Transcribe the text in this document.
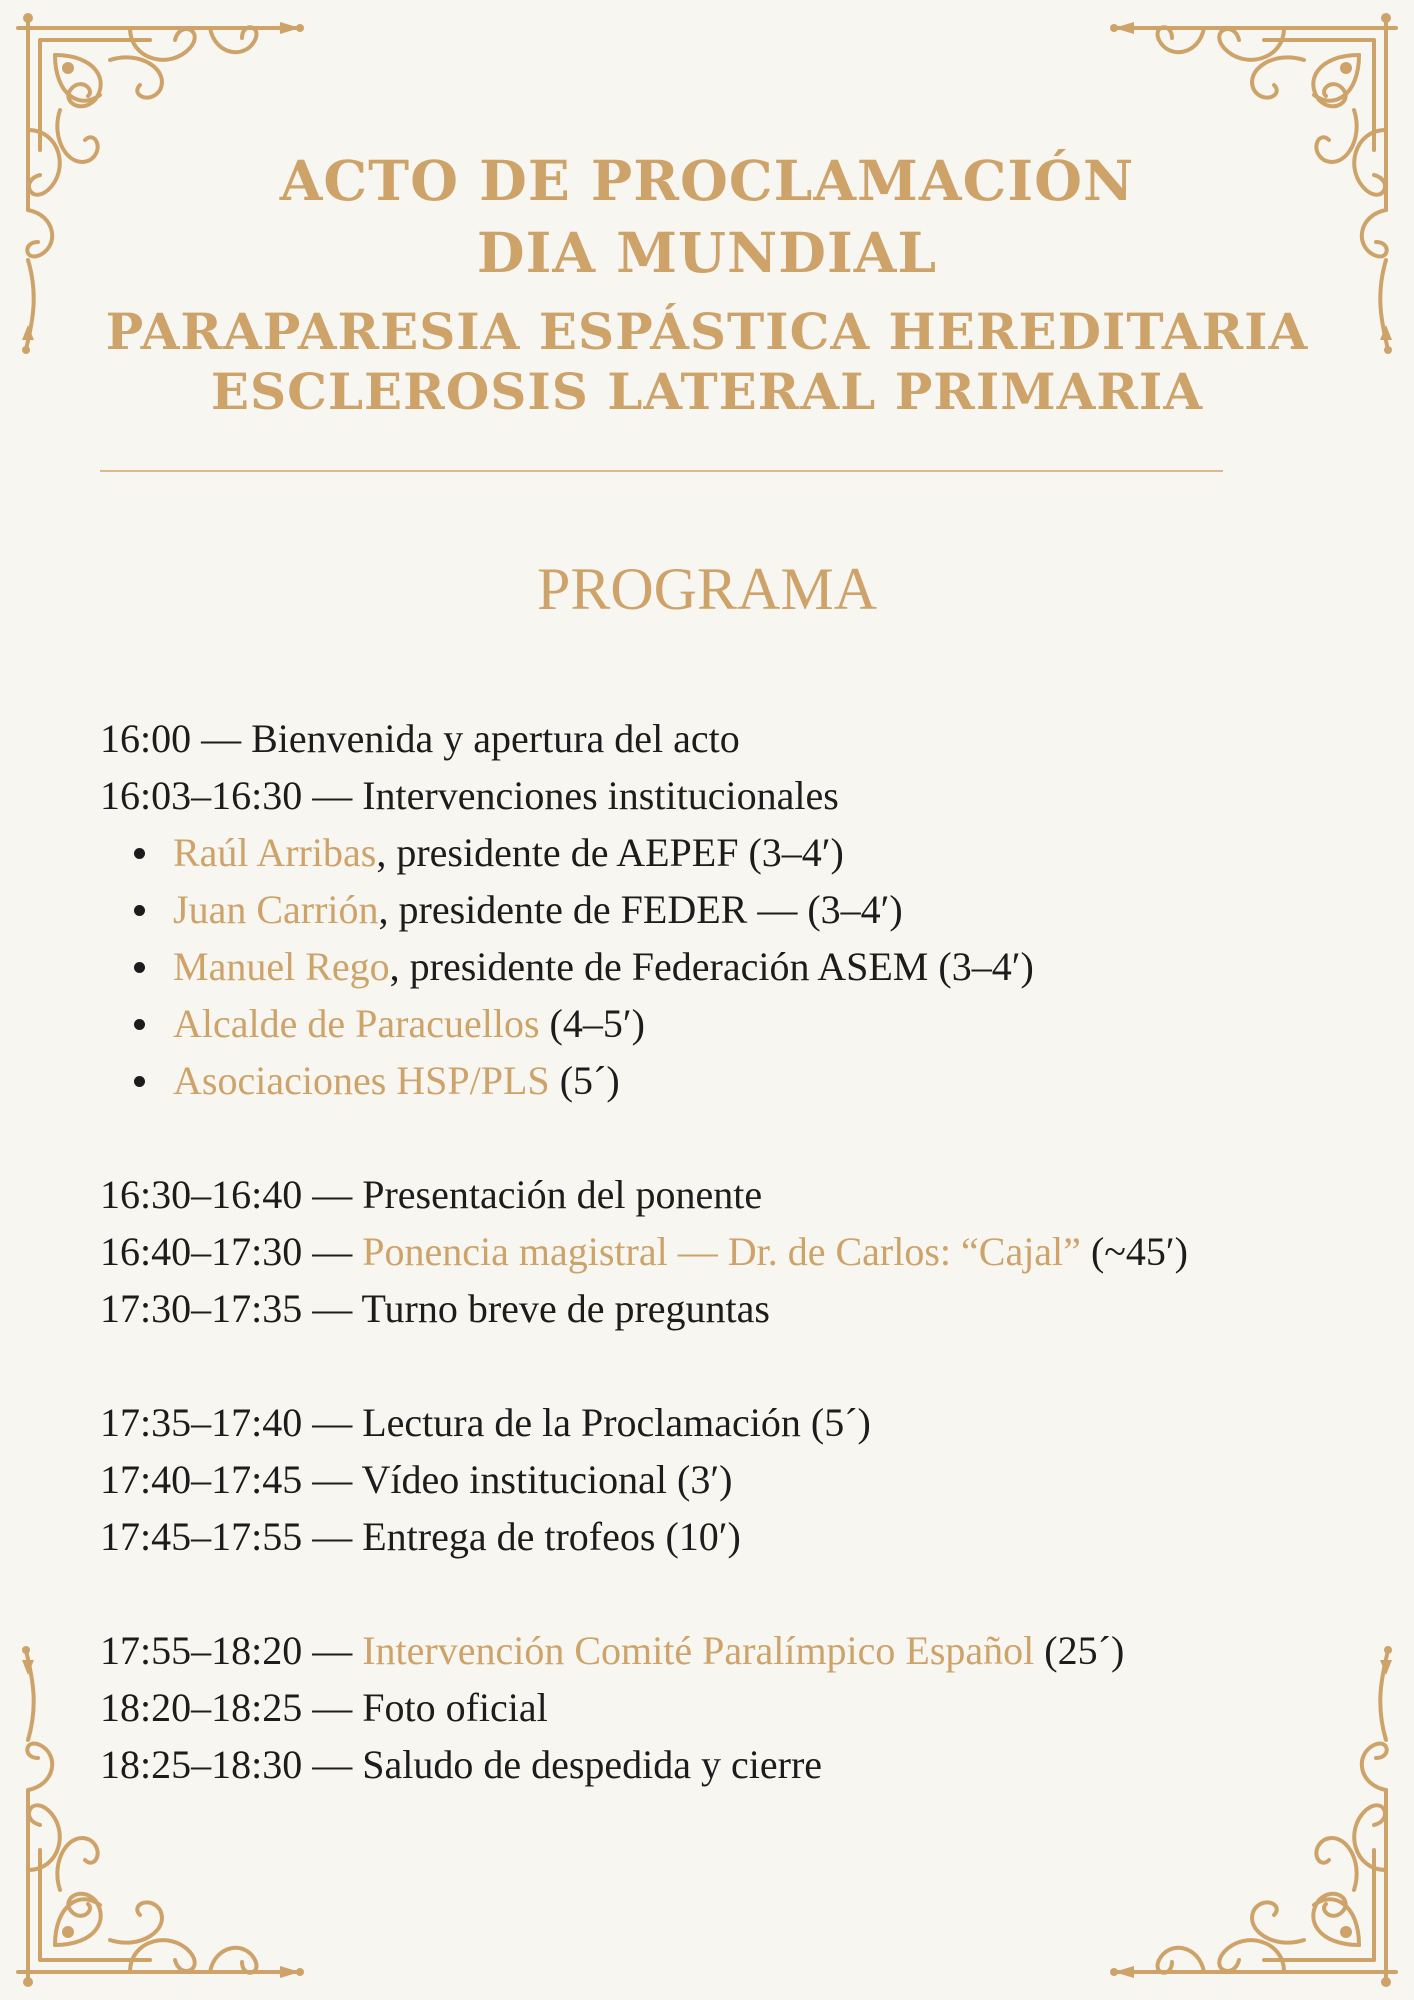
ACTO DE PROCLAMACIÓN
DIA MUNDIAL
PARAPARESIA ESPÁSTICA HEREDITARIA
ESCLEROSIS LATERAL PRIMARIA
PROGRAMA
16:00 — Bienvenida y apertura del acto
16:03–16:30 — Intervenciones institucionales
Raúl Arribas, presidente de AEPEF (3–4′)
Juan Carrión, presidente de FEDER — (3–4′)
Manuel Rego, presidente de Federación ASEM (3–4′)
Alcalde de Paracuellos (4–5′)
Asociaciones HSP/PLS (5´)
16:30–16:40 — Presentación del ponente
16:40–17:30 — Ponencia magistral — Dr. de Carlos: “Cajal” (~45′)
17:30–17:35 — Turno breve de preguntas
17:35–17:40 — Lectura de la Proclamación (5´)
17:40–17:45 — Vídeo institucional (3′)
17:45–17:55 — Entrega de trofeos (10′)
17:55–18:20 — Intervención Comité Paralímpico Español (25´)
18:20–18:25 — Foto oficial
18:25–18:30 — Saludo de despedida y cierre
